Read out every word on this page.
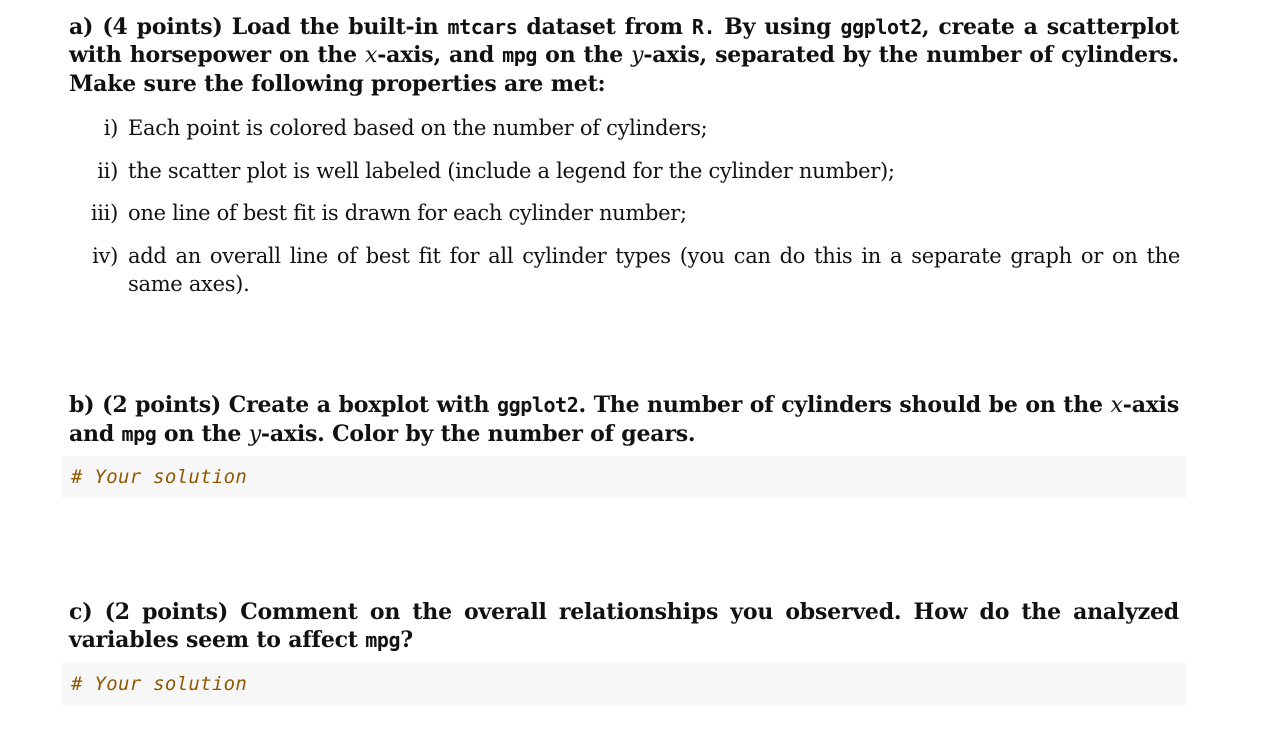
a) (4 points) Load the built-in mtcars dataset from R. By using ggplot2, create a scatterplot with horsepower on the x-axis, and mpg on the y-axis, separated by the number of cylinders. Make sure the following properties are met:
i) Each point is colored based on the number of cylinders;
ii) the scatter plot is well labeled (include a legend for the cylinder number);
iii) one line of best fit is drawn for each cylinder number;
iv) add an overall line of best fit for all cylinder types (you can do this in a separate graph or on the same axes).
b) (2 points) Create a boxplot with ggplot2. The number of cylinders should be on the x-axis and mpg on the y-axis. Color by the number of gears.
# Your solution
c) (2 points) Comment on the overall relationships you observed. How do the analyzed variables seem to affect mpg?
# Your solution
